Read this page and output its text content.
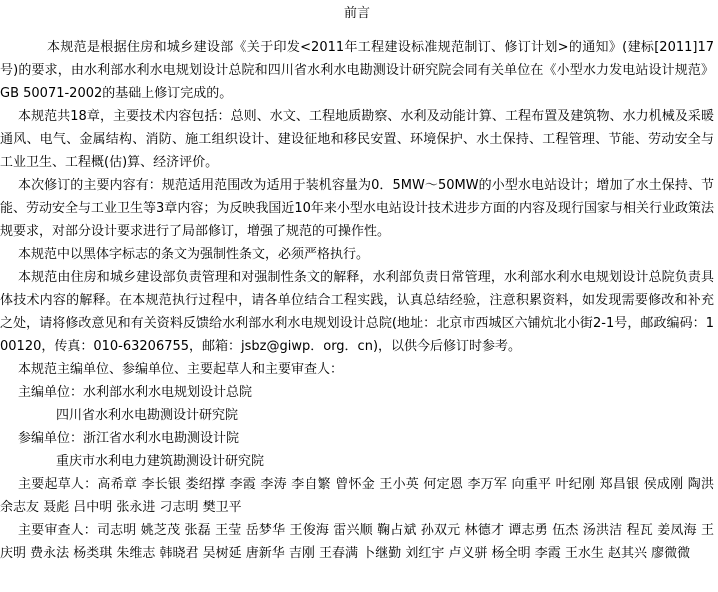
前言

本规范是根据住房和城乡建设部《关于印发<2011年工程建设标准规范制订、修订计划>的通知》(建标[2011]17号)的要求，由水利部水利水电规划设计总院和四川省水利水电勘测设计研究院会同有关单位在《小型水力发电站设计规范》GB 50071-2002的基础上修订完成的。

本规范共18章，主要技术内容包括：总则、水文、工程地质勘察、水利及动能计算、工程布置及建筑物、水力机械及采暖通风、电气、金属结构、消防、施工组织设计、建设征地和移民安置、环境保护、水土保持、工程管理、节能、劳动安全与工业卫生、工程概(估)算、经济评价。

本次修订的主要内容有：规范适用范围改为适用于装机容量为0．5MW～50MW的小型水电站设计；增加了水土保持、节能、劳动安全与工业卫生等3章内容；为反映我国近10年来小型水电站设计技术进步方面的内容及现行国家与相关行业政策法规要求，对部分设计要求进行了局部修订，增强了规范的可操作性。

本规范中以黑体字标志的条文为强制性条文，必须严格执行。

本规范由住房和城乡建设部负责管理和对强制性条文的解释，水利部负责日常管理，水利部水利水电规划设计总院负责具体技术内容的解释。在本规范执行过程中，请各单位结合工程实践，认真总结经验，注意积累资料，如发现需要修改和补充之处，请将修改意见和有关资料反馈给水利部水利水电规划设计总院(地址：北京市西城区六铺炕北小街2-1号，邮政编码：100120，传真：010-63206755，邮箱：jsbz@giwp．org．cn)，以供今后修订时参考。

本规范主编单位、参编单位、主要起草人和主要审查人：

主编单位：水利部水利水电规划设计总院

四川省水利水电勘测设计研究院

参编单位：浙江省水利水电勘测设计院

重庆市水利电力建筑勘测设计研究院

主要起草人：高希章 李长银 娄绍撑 李霞 李涛 李自繁 曾怀金 王小英 何定恩 李万军 向重平 叶纪刚 郑昌银 侯成刚 陶洪 余志友 聂彪 吕中明 张永进 刁志明 樊卫平

主要审查人：司志明 姚芝茂 张磊 王莹 岳梦华 王俊海 雷兴顺 鞠占斌 孙双元 林德才 谭志勇 伍杰 汤洪洁 程瓦 姜凤海 王庆明 费永法 杨类琪 朱维志 韩晓君 吴树延 唐新华 吉刚 王春满 卜继勤 刘红宇 卢义骈 杨全明 李霞 王水生 赵其兴 廖微微
